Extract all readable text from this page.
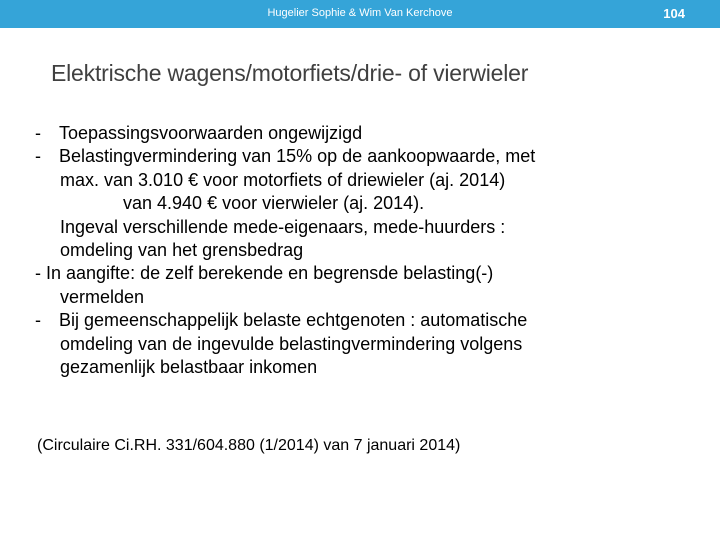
Hugelier Sophie & Wim Van Kerchove	104
Elektrische wagens/motorfiets/drie- of vierwieler
- Toepassingsvoorwaarden ongewijzigd
- Belastingvermindering van 15% op de aankoopwaarde, met
max. van 3.010 € voor motorfiets of driewieler (aj. 2014)
van 4.940 € voor vierwieler (aj. 2014).
Ingeval verschillende mede-eigenaars, mede-huurders :
omdeling van het grensbedrag
- In aangifte: de zelf berekende en begrensde belasting(-)
vermelden
- Bij gemeenschappelijk belaste echtgenoten : automatische
omdeling van de ingevulde belastingvermindering volgens
gezamenlijk belastbaar inkomen
(Circulaire Ci.RH. 331/604.880 (1/2014) van 7 januari 2014)
